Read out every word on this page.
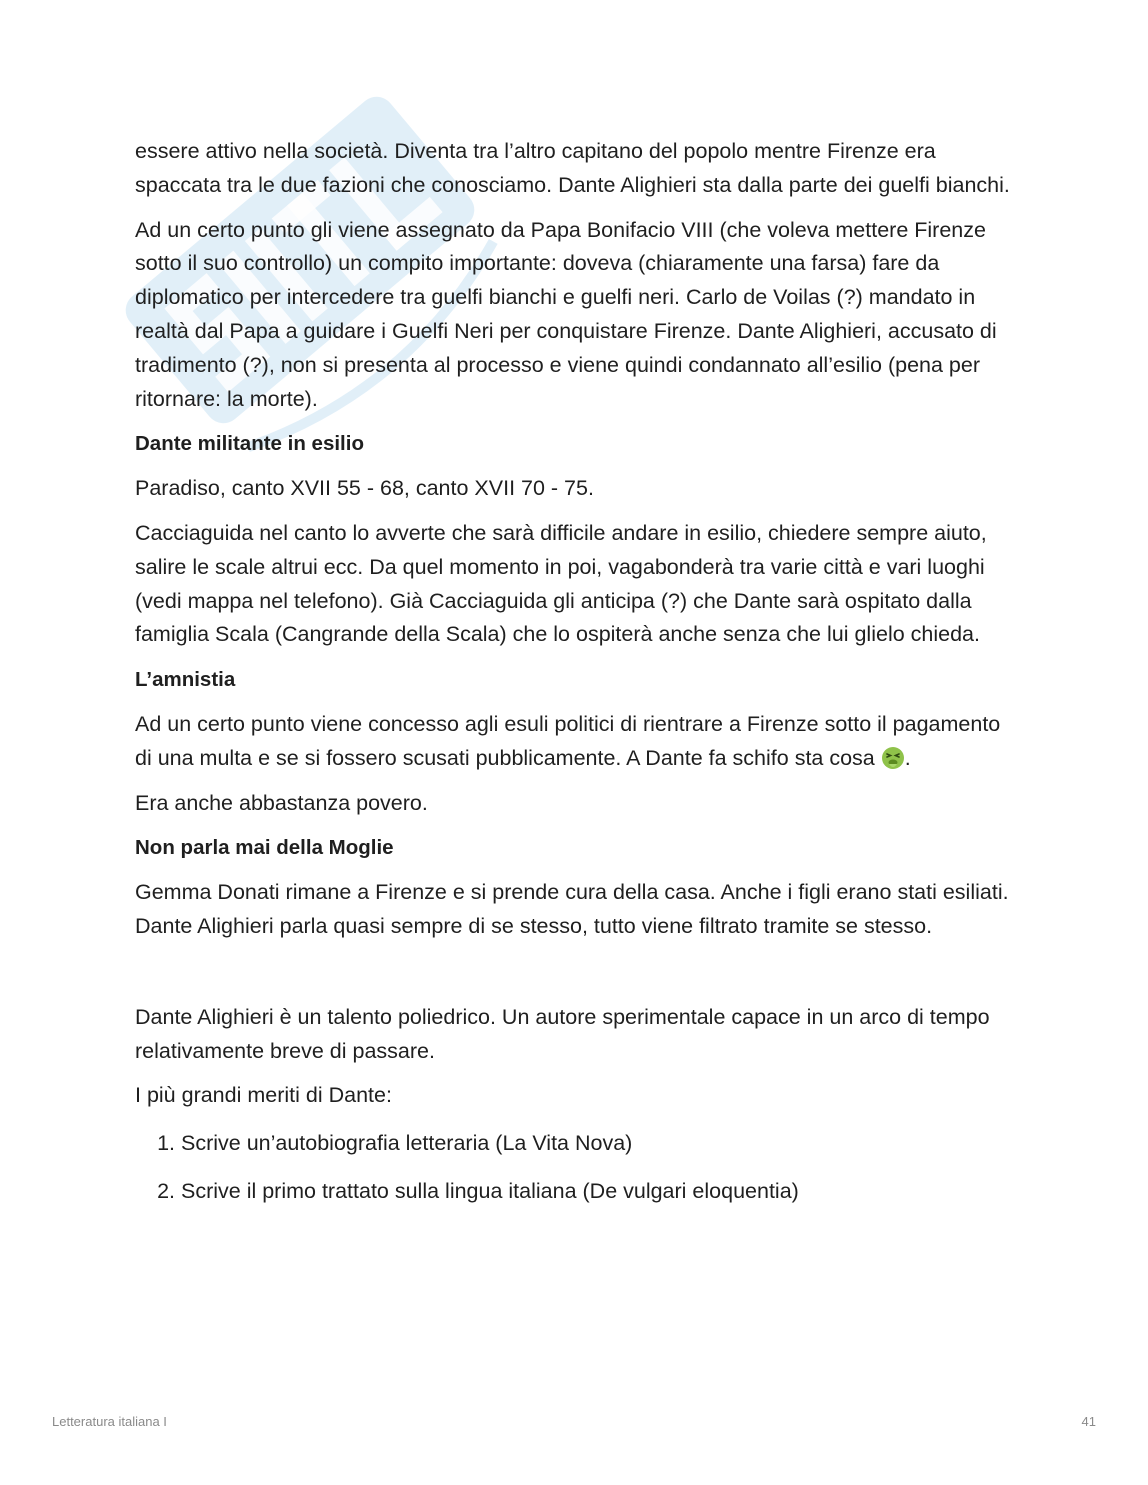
essere attivo nella società. Diventa tra l’altro capitano del popolo mentre Firenze era spaccata tra le due fazioni che conosciamo. Dante Alighieri sta dalla parte dei guelfi bianchi.

Ad un certo punto gli viene assegnato da Papa Bonifacio VIII (che voleva mettere Firenze sotto il suo controllo) un compito importante: doveva (chiaramente una farsa) fare da diplomatico per intercedere tra guelfi bianchi e guelfi neri. Carlo de Voilas (?) mandato in realtà dal Papa a guidare i Guelfi Neri per conquistare Firenze. Dante Alighieri, accusato di tradimento (?), non si presenta al processo e viene quindi condannato all’esilio (pena per ritornare: la morte).

Dante militante in esilio

Paradiso, canto XVII 55 - 68, canto XVII 70 - 75.

Cacciaguida nel canto lo avverte che sarà difficile andare in esilio, chiedere sempre aiuto, salire le scale altrui ecc. Da quel momento in poi, vagabonderà tra varie città e vari luoghi (vedi mappa nel telefono). Già Cacciaguida gli anticipa (?) che Dante sarà ospitato dalla famiglia Scala (Cangrande della Scala) che lo ospiterà anche senza che lui glielo chieda.

L’amnistia

Ad un certo punto viene concesso agli esuli politici di rientrare a Firenze sotto il pagamento di una multa e se si fossero scusati pubblicamente. A Dante fa schifo sta cosa .

Era anche abbastanza povero.

Non parla mai della Moglie

Gemma Donati rimane a Firenze e si prende cura della casa. Anche i figli erano stati esiliati. Dante Alighieri parla quasi sempre di se stesso, tutto viene filtrato tramite se stesso.

Dante Alighieri è un talento poliedrico. Un autore sperimentale capace in un arco di tempo relativamente breve di passare.

I più grandi meriti di Dante:

1.
Scrive un’autobiografia letteraria (La Vita Nova)
2.
Scrive il primo trattato sulla lingua italiana (De vulgari eloquentia)
Letteratura italiana I	41
